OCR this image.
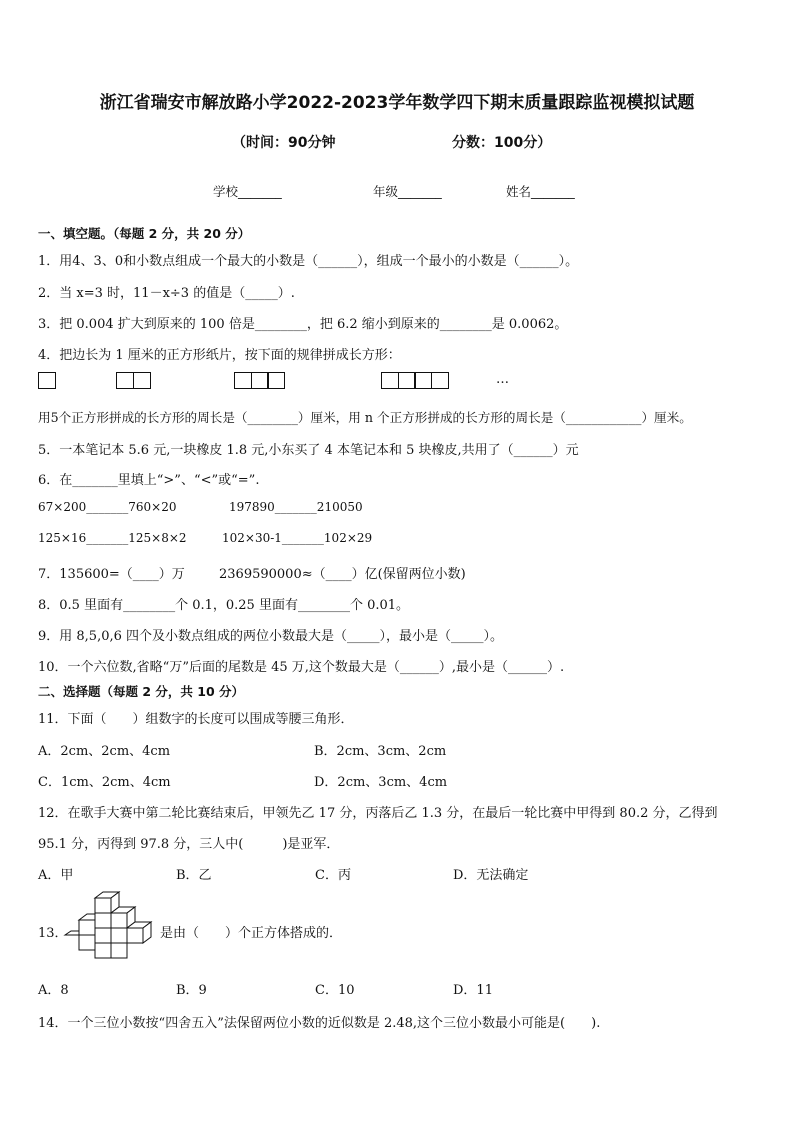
浙江省瑞安市解放路小学2022-2023学年数学四下期末质量跟踪监视模拟试题
（时间：90分钟	分数：100分）
学校_______	年级_______	姓名_______
一、填空题。（每题 2 分，共 20 分）
1．用4、3、0和小数点组成一个最大的小数是（______），组成一个最小的小数是（______）。
2．当 x=3 时，11－x÷3 的值是（_____）.
3．把 0.004 扩大到原来的 100 倍是________，把 6.2 缩小到原来的________是 0.0062。
4．把边长为 1 厘米的正方形纸片，按下面的规律拼成长方形：
…
用5个正方形拼成的长方形的周长是（________）厘米，用 n 个正方形拼成的长方形的周长是（____________）厘米。
5．一本笔记本 5.6 元,一块橡皮 1.8 元,小东买了 4 本笔记本和 5 块橡皮,共用了（______）元
6．在_______里填上“>”、“<”或“=”.
67×200_______760×20	197890_______210050
125×16_______125×8×2	102×30-1_______102×29
7．135600=（____）万	2369590000≈（____）亿(保留两位小数)
8．0.5 里面有________个 0.1，0.25 里面有________个 0.01。
9．用 8,5,0,6 四个及小数点组成的两位小数最大是（_____），最小是（_____）。
10．一个六位数,省略“万”后面的尾数是 45 万,这个数最大是（______）,最小是（______）.
二、选择题（每题 2 分，共 10 分）
11．下面（　　）组数字的长度可以围成等腰三角形．
A．2cm、2cm、4cm	B．2cm、3cm、2cm
C．1cm、2cm、4cm	D．2cm、3cm、4cm
12．在歌手大赛中第二轮比赛结束后，甲领先乙 17 分，丙落后乙 1.3 分，在最后一轮比赛中甲得到 80.2 分，乙得到
95.1 分，丙得到 97.8 分，三人中(　　　)是亚军．
A．甲	B．乙	C．丙	D．无法确定
13．	是由（　　）个正方体搭成的．
A．8	B．9	C．10	D．11
14．一个三位小数按“四舍五入”法保留两位小数的近似数是 2.48,这个三位小数最小可能是(　　).
